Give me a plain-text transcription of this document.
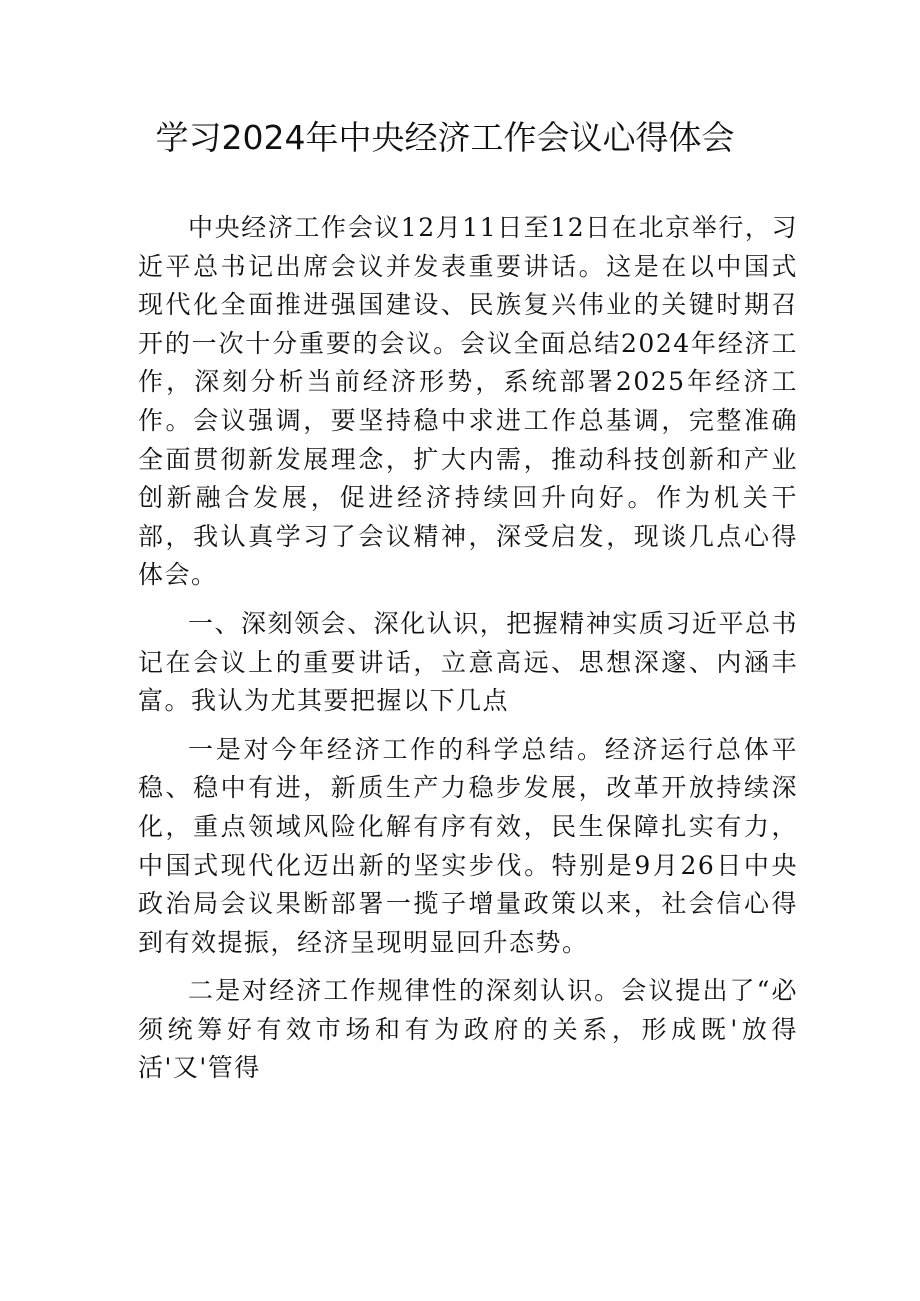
学习2024年中央经济工作会议心得体会

中央经济工作会议12月11日至12日在北京举行，习近平总书记出席会议并发表重要讲话。这是在以中国式现代化全面推进强国建设、民族复兴伟业的关键时期召开的一次十分重要的会议。会议全面总结2024年经济工作，深刻分析当前经济形势，系统部署2025年经济工作。会议强调，要坚持稳中求进工作总基调，完整准确全面贯彻新发展理念，扩大内需，推动科技创新和产业创新融合发展，促进经济持续回升向好。作为机关干部，我认真学习了会议精神，深受启发，现谈几点心得体会。

一、深刻领会、深化认识，把握精神实质习近平总书记在会议上的重要讲话，立意高远、思想深邃、内涵丰富。我认为尤其要把握以下几点

一是对今年经济工作的科学总结。经济运行总体平稳、稳中有进，新质生产力稳步发展，改革开放持续深化，重点领域风险化解有序有效，民生保障扎实有力，中国式现代化迈出新的坚实步伐。特别是9月26日中央政治局会议果断部署一揽子增量政策以来，社会信心得到有效提振，经济呈现明显回升态势。

二是对经济工作规律性的深刻认识。会议提出了“必须统筹好有效市场和有为政府的关系，形成既'放得活'又'管得
